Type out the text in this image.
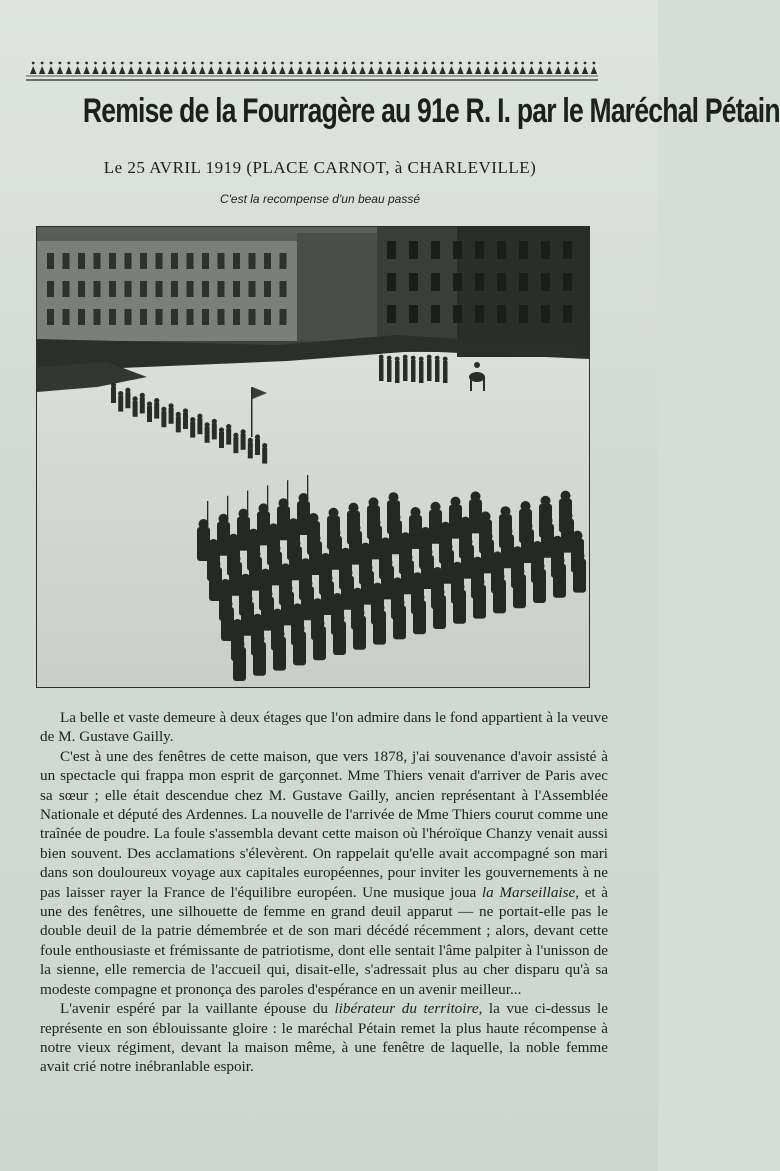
Remise de la Fourragère au 91e R. I. par le Maréchal Pétain
Le 25 AVRIL 1919 (PLACE CARNOT, à CHARLEVILLE)
C'est la recompense d'un beau passé

La belle et vaste demeure à deux étages que l'on admire dans le fond appartient à la veuve de M. Gustave Gailly.

C'est à une des fenêtres de cette maison, que vers 1878, j'ai souvenance d'avoir assisté à un spectacle qui frappa mon esprit de garçonnet. Mme Thiers venait d'arriver de Paris avec sa sœur ; elle était descendue chez M. Gustave Gailly, ancien représentant à l'Assemblée Nationale et député des Ardennes. La nouvelle de l'arrivée de Mme Thiers courut comme une traînée de poudre. La foule s'assembla devant cette maison où l'héroïque Chanzy venait aussi bien souvent. Des acclamations s'élevèrent. On rappelait qu'elle avait accompagné son mari dans son douloureux voyage aux capitales européennes, pour inviter les gouvernements à ne pas laisser rayer la France de l'équilibre européen. Une musique joua la Marseillaise, et à une des fenêtres, une silhouette de femme en grand deuil apparut — ne portait-elle pas le double deuil de la patrie démembrée et de son mari décédé récemment ; alors, devant cette foule enthousiaste et frémissante de patriotisme, dont elle sentait l'âme palpiter à l'unisson de la sienne, elle remercia de l'accueil qui, disait-elle, s'adressait plus au cher disparu qu'à sa modeste compagne et prononça des paroles d'espérance en un avenir meilleur...

L'avenir espéré par la vaillante épouse du libérateur du territoire, la vue ci-dessus le représente en son éblouissante gloire : le maréchal Pétain remet la plus haute récompense à notre vieux régiment, devant la maison même, à une fenêtre de laquelle, la noble femme avait crié notre inébranlable espoir.
